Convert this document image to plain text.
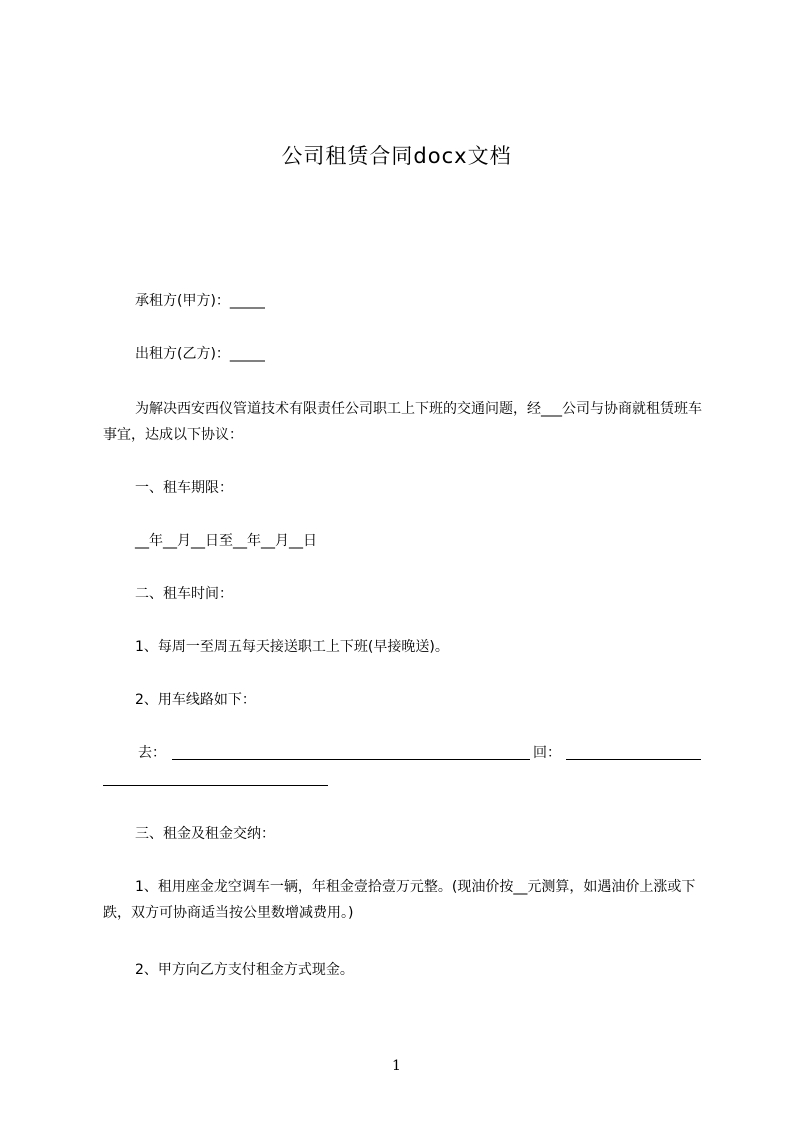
公司租赁合同docx文档
承租方(甲方)：_____
出租方(乙方)：_____
为解决西安西仪管道技术有限责任公司职工上下班的交通问题，经___公司与协商就租赁班车事宜，达成以下协议：
一、租车期限：
__年__月__日至__年__月__日
二、租车时间：
1、每周一至周五每天接送职工上下班(早接晚送)。
2、用车线路如下：
去：	回：
三、租金及租金交纳：
1、租用座金龙空调车一辆，年租金壹拾壹万元整。(现油价按__元测算，如遇油价上涨或下跌，双方可协商适当按公里数增减费用。)
2、甲方向乙方支付租金方式现金。
1
